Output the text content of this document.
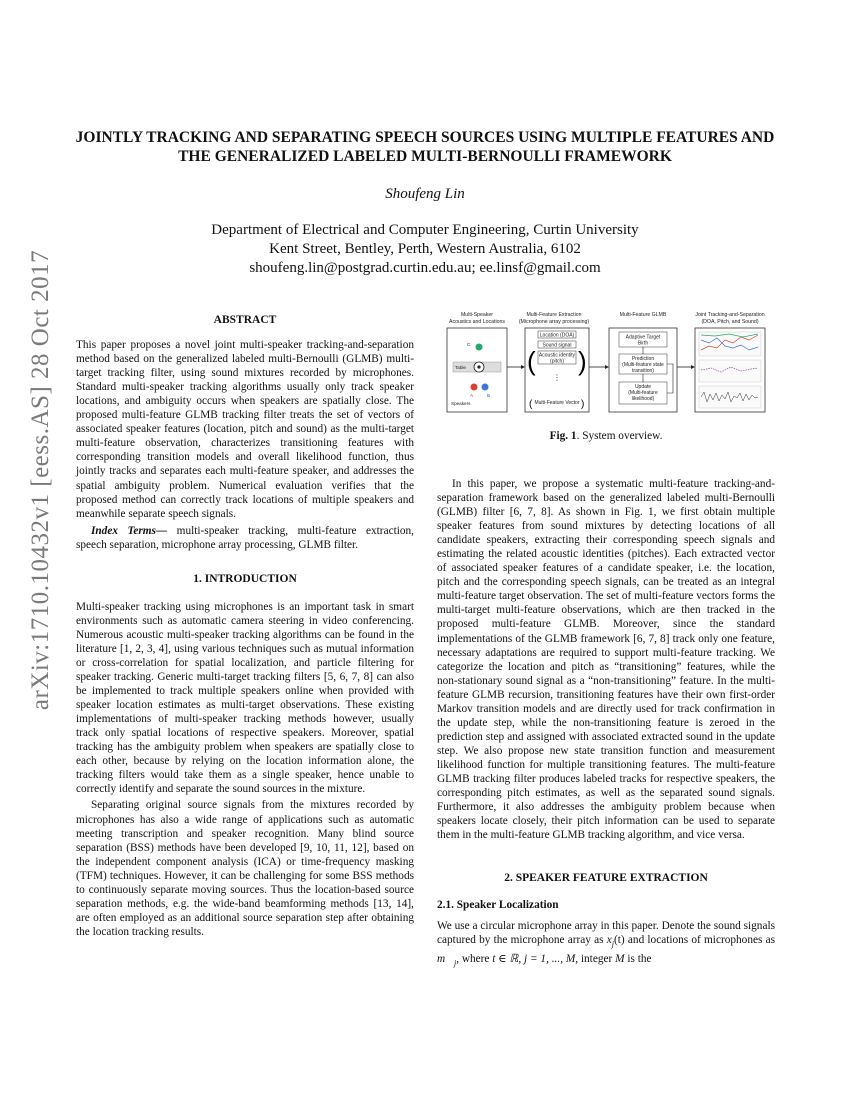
arXiv:1710.10432v1 [eess.AS] 28 Oct 2017
JOINTLY TRACKING AND SEPARATING SPEECH SOURCES USING MULTIPLE FEATURES AND THE GENERALIZED LABELED MULTI-BERNOULLI FRAMEWORK
Shoufeng Lin
Department of Electrical and Computer Engineering, Curtin University
Kent Street, Bentley, Perth, Western Australia, 6102
shoufeng.lin@postgrad.curtin.edu.au; ee.linsf@gmail.com

ABSTRACT

This paper proposes a novel joint multi-speaker tracking-and-separation method based on the generalized labeled multi-Bernoulli (GLMB) multi-target tracking filter, using sound mixtures recorded by microphones. Standard multi-speaker tracking algorithms usually only track speaker locations, and ambiguity occurs when speakers are spatially close. The proposed multi-feature GLMB tracking filter treats the set of vectors of associated speaker features (location, pitch and sound) as the multi-target multi-feature observation, characterizes transitioning features with corresponding transition models and overall likelihood function, thus jointly tracks and separates each multi-feature speaker, and addresses the spatial ambiguity problem. Numerical evaluation verifies that the proposed method can correctly track locations of multiple speakers and meanwhile separate speech signals.

Index Terms— multi-speaker tracking, multi-feature extraction, speech separation, microphone array processing, GLMB filter.

1. INTRODUCTION

Multi-speaker tracking using microphones is an important task in smart environments such as automatic camera steering in video conferencing. Numerous acoustic multi-speaker tracking algorithms can be found in the literature [1, 2, 3, 4], using various techniques such as mutual information or cross-correlation for spatial localization, and particle filtering for speaker tracking. Generic multi-target tracking filters [5, 6, 7, 8] can also be implemented to track multiple speakers online when provided with speaker location estimates as multi-target observations. These existing implementations of multi-speaker tracking methods however, usually track only spatial locations of respective speakers. Moreover, spatial tracking has the ambiguity problem when speakers are spatially close to each other, because by relying on the location information alone, the tracking filters would take them as a single speaker, hence unable to correctly identify and separate the sound sources in the mixture.

Separating original source signals from the mixtures recorded by microphones has also a wide range of applications such as automatic meeting transcription and speaker recognition. Many blind source separation (BSS) methods have been developed [9, 10, 11, 12], based on the independent component analysis (ICA) or time-frequency masking (TFM) techniques. However, it can be challenging for some BSS methods to continuously separate moving sources. Thus the location-based source separation methods, e.g. the wide-band beamforming methods [13, 14], are often employed as an additional source separation step after obtaining the location tracking results.

Multi-Speaker
Acoustics and Locations
Multi-Feature Extraction
(Microphone array processing)
Multi-Feature GLMB	Joint Tracking-and-Separation
(DOA, Pitch, and Sound)
Table
C
A	B
Speakers
( )
Location (DOA)
Sound signal
Acoustic identity
(pitch)
⋮
Multi-Feature Vector
(	)
Adaptive Target
Birth
Prediction
(Multi-feature state
transition)
Update
(Multi-feature
likelihood)
Fig. 1. System overview.

In this paper, we propose a systematic multi-feature tracking-and-separation framework based on the generalized labeled multi-Bernoulli (GLMB) filter [6, 7, 8]. As shown in Fig. 1, we first obtain multiple speaker features from sound mixtures by detecting locations of all candidate speakers, extracting their corresponding speech signals and estimating the related acoustic identities (pitches). Each extracted vector of associated speaker features of a candidate speaker, i.e. the location, pitch and the corresponding speech signals, can be treated as an integral multi-feature target observation. The set of multi-feature vectors forms the multi-target multi-feature observations, which are then tracked in the proposed multi-feature GLMB. Moreover, since the standard implementations of the GLMB framework [6, 7, 8] track only one feature, necessary adaptations are required to support multi-feature tracking. We categorize the location and pitch as “transitioning” features, while the non-stationary sound signal as a “non-transitioning” feature. In the multi-feature GLMB recursion, transitioning features have their own first-order Markov transition models and are directly used for track confirmation in the update step, while the non-transitioning feature is zeroed in the prediction step and assigned with associated extracted sound in the update step. We also propose new state transition function and measurement likelihood function for multiple transitioning features. The multi-feature GLMB tracking filter produces labeled tracks for respective speakers, the corresponding pitch estimates, as well as the separated sound signals. Furthermore, it also addresses the ambiguity problem because when speakers locate closely, their pitch information can be used to separate them in the multi-feature GLMB tracking algorithm, and vice versa.

2. SPEAKER FEATURE EXTRACTION

2.1. Speaker Localization

We use a circular microphone array in this paper. Denote the sound signals captured by the microphone array as $x_j(t)$ and locations of microphones as $m⃗_j$, where t ∈ ℝ, j = 1, ..., M, integer M is the
